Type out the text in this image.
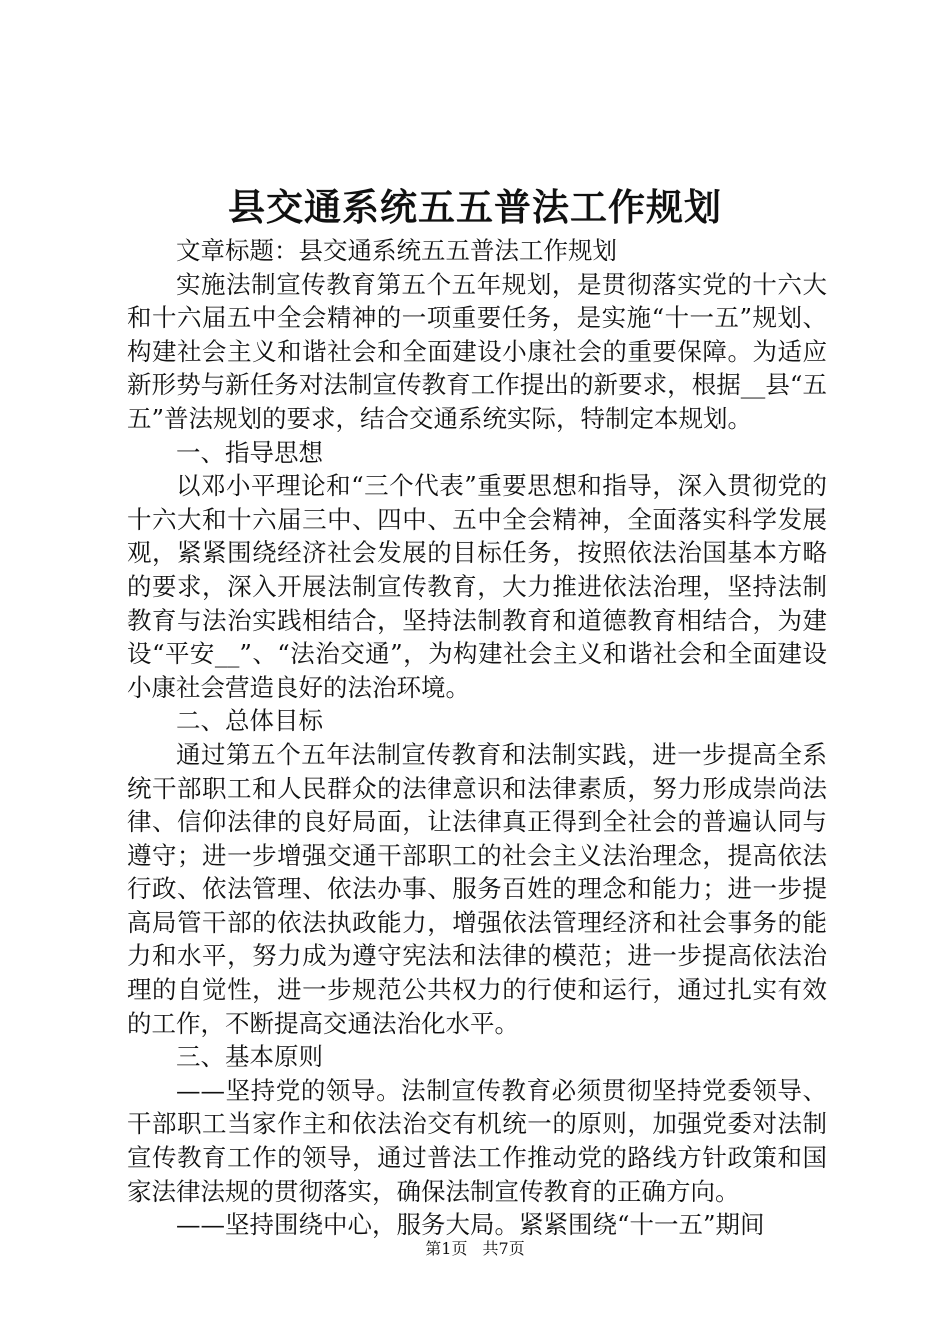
县交通系统五五普法工作规划

文章标题：县交通系统五五普法工作规划

实施法制宣传教育第五个五年规划，是贯彻落实党的十六大和十六届五中全会精神的一项重要任务，是实施“十一五”规划、构建社会主义和谐社会和全面建设小康社会的重要保障。为适应新形势与新任务对法制宣传教育工作提出的新要求，根据__县“五五”普法规划的要求，结合交通系统实际，特制定本规划。

一、指导思想

以邓小平理论和“三个代表”重要思想和指导，深入贯彻党的十六大和十六届三中、四中、五中全会精神，全面落实科学发展观，紧紧围绕经济社会发展的目标任务，按照依法治国基本方略的要求，深入开展法制宣传教育，大力推进依法治理，坚持法制教育与法治实践相结合，坚持法制教育和道德教育相结合，为建设“平安__”、“法治交通”，为构建社会主义和谐社会和全面建设小康社会营造良好的法治环境。

二、总体目标

通过第五个五年法制宣传教育和法制实践，进一步提高全系统干部职工和人民群众的法律意识和法律素质，努力形成崇尚法律、信仰法律的良好局面，让法律真正得到全社会的普遍认同与遵守；进一步增强交通干部职工的社会主义法治理念，提高依法行政、依法管理、依法办事、服务百姓的理念和能力；进一步提高局管干部的依法执政能力，增强依法管理经济和社会事务的能力和水平，努力成为遵守宪法和法律的模范；进一步提高依法治理的自觉性，进一步规范公共权力的行使和运行，通过扎实有效的工作，不断提高交通法治化水平。

三、基本原则

——坚持党的领导。法制宣传教育必须贯彻坚持党委领导、干部职工当家作主和依法治交有机统一的原则，加强党委对法制宣传教育工作的领导，通过普法工作推动党的路线方针政策和国家法律法规的贯彻落实，确保法制宣传教育的正确方向。

——坚持围绕中心，服务大局。紧紧围绕“十一五”期间

第1页 共7页
